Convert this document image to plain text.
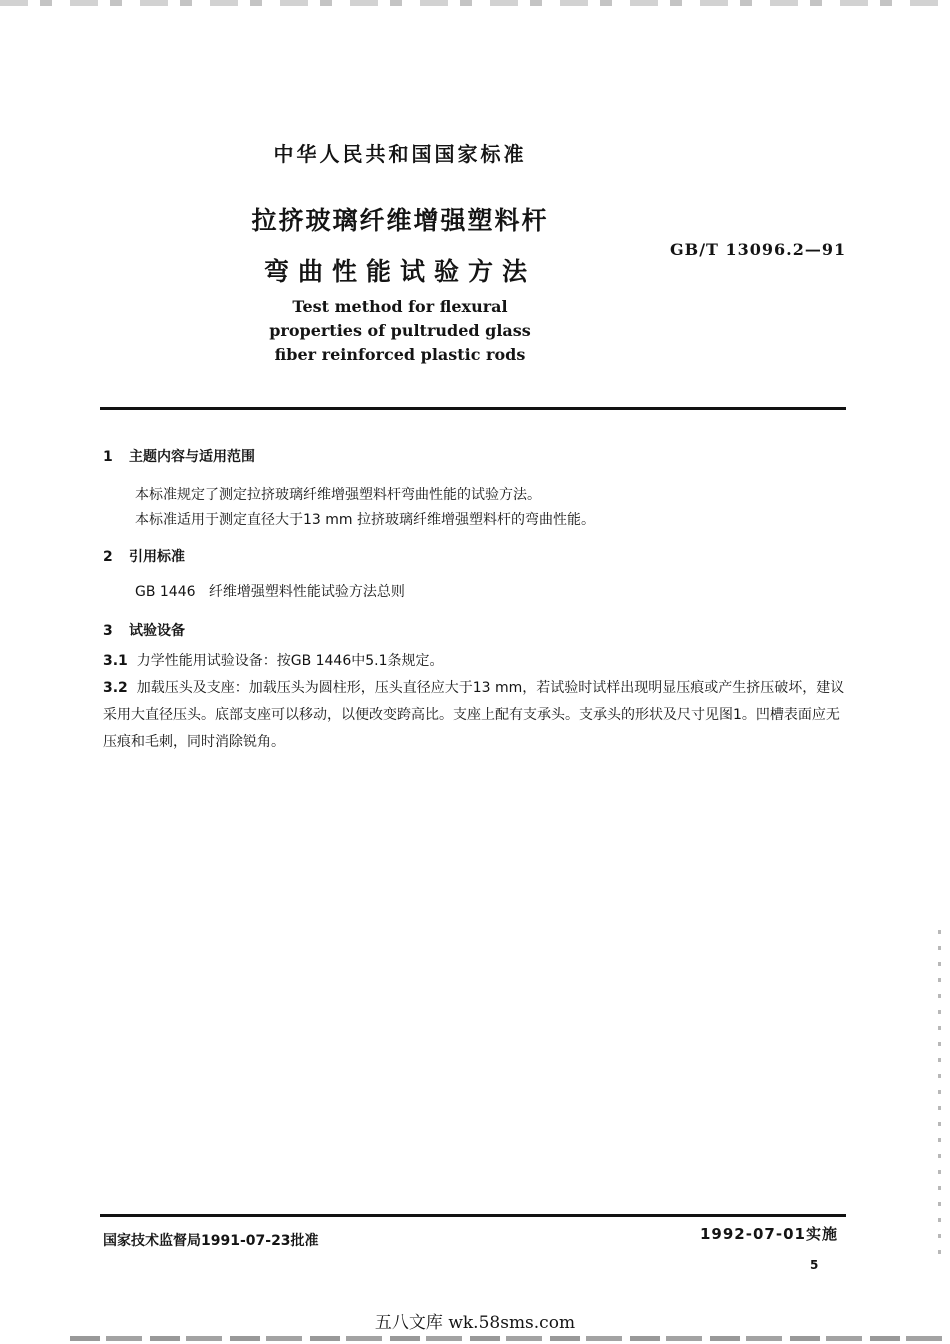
中华人民共和国国家标准
拉挤玻璃纤维增强塑料杆
弯曲性能试验方法
GB/T 13096.2—91
Test method for flexural
properties of pultruded glass
fiber reinforced plastic rods
1 主题内容与适用范围
本标准规定了测定拉挤玻璃纤维增强塑料杆弯曲性能的试验方法。
本标准适用于测定直径大于13 mm 拉挤玻璃纤维增强塑料杆的弯曲性能。
2 引用标准
GB 1446   纤维增强塑料性能试验方法总则
3 试验设备
3.1 力学性能用试验设备：按GB 1446中5.1条规定。
3.2 加载压头及支座：加载压头为圆柱形，压头直径应大于13 mm，若试验时试样出现明显压痕或产生挤压破坏，建议采用大直径压头。底部支座可以移动，以便改变跨高比。支座上配有支承头。支承头的形状及尺寸见图1。凹槽表面应无压痕和毛刺，同时消除锐角。
国家技术监督局1991-07-23批准	1992-07-01实施
5
五八文库 wk.58sms.com
